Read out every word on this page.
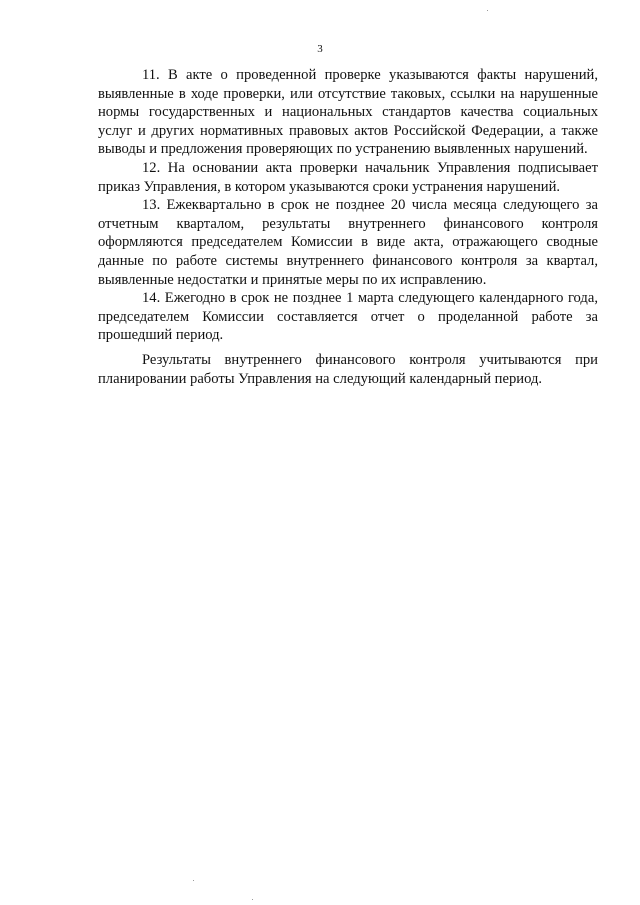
3

11. В акте о проведенной проверке указываются факты нарушений, выявленные в ходе проверки, или отсутствие таковых, ссылки на нарушенные нормы государственных и национальных стандартов качества социальных услуг и других нормативных правовых актов Российской Федерации, а также выводы и предложения проверяющих по устранению выявленных нарушений.

12. На основании акта проверки начальник Управления подписывает приказ Управления, в котором указываются сроки устранения нарушений.

13. Ежеквартально в срок не позднее 20 числа месяца следующего за отчетным кварталом, результаты внутреннего финансового контроля оформляются председателем Комиссии в виде акта, отражающего сводные данные по работе системы внутреннего финансового контроля за квартал, выявленные недостатки и принятые меры по их исправлению.

14. Ежегодно в срок не позднее 1 марта следующего календарного года, председателем Комиссии составляется отчет о проделанной работе за прошедший период.

Результаты внутреннего финансового контроля учитываются при планировании работы Управления на следующий календарный период.
